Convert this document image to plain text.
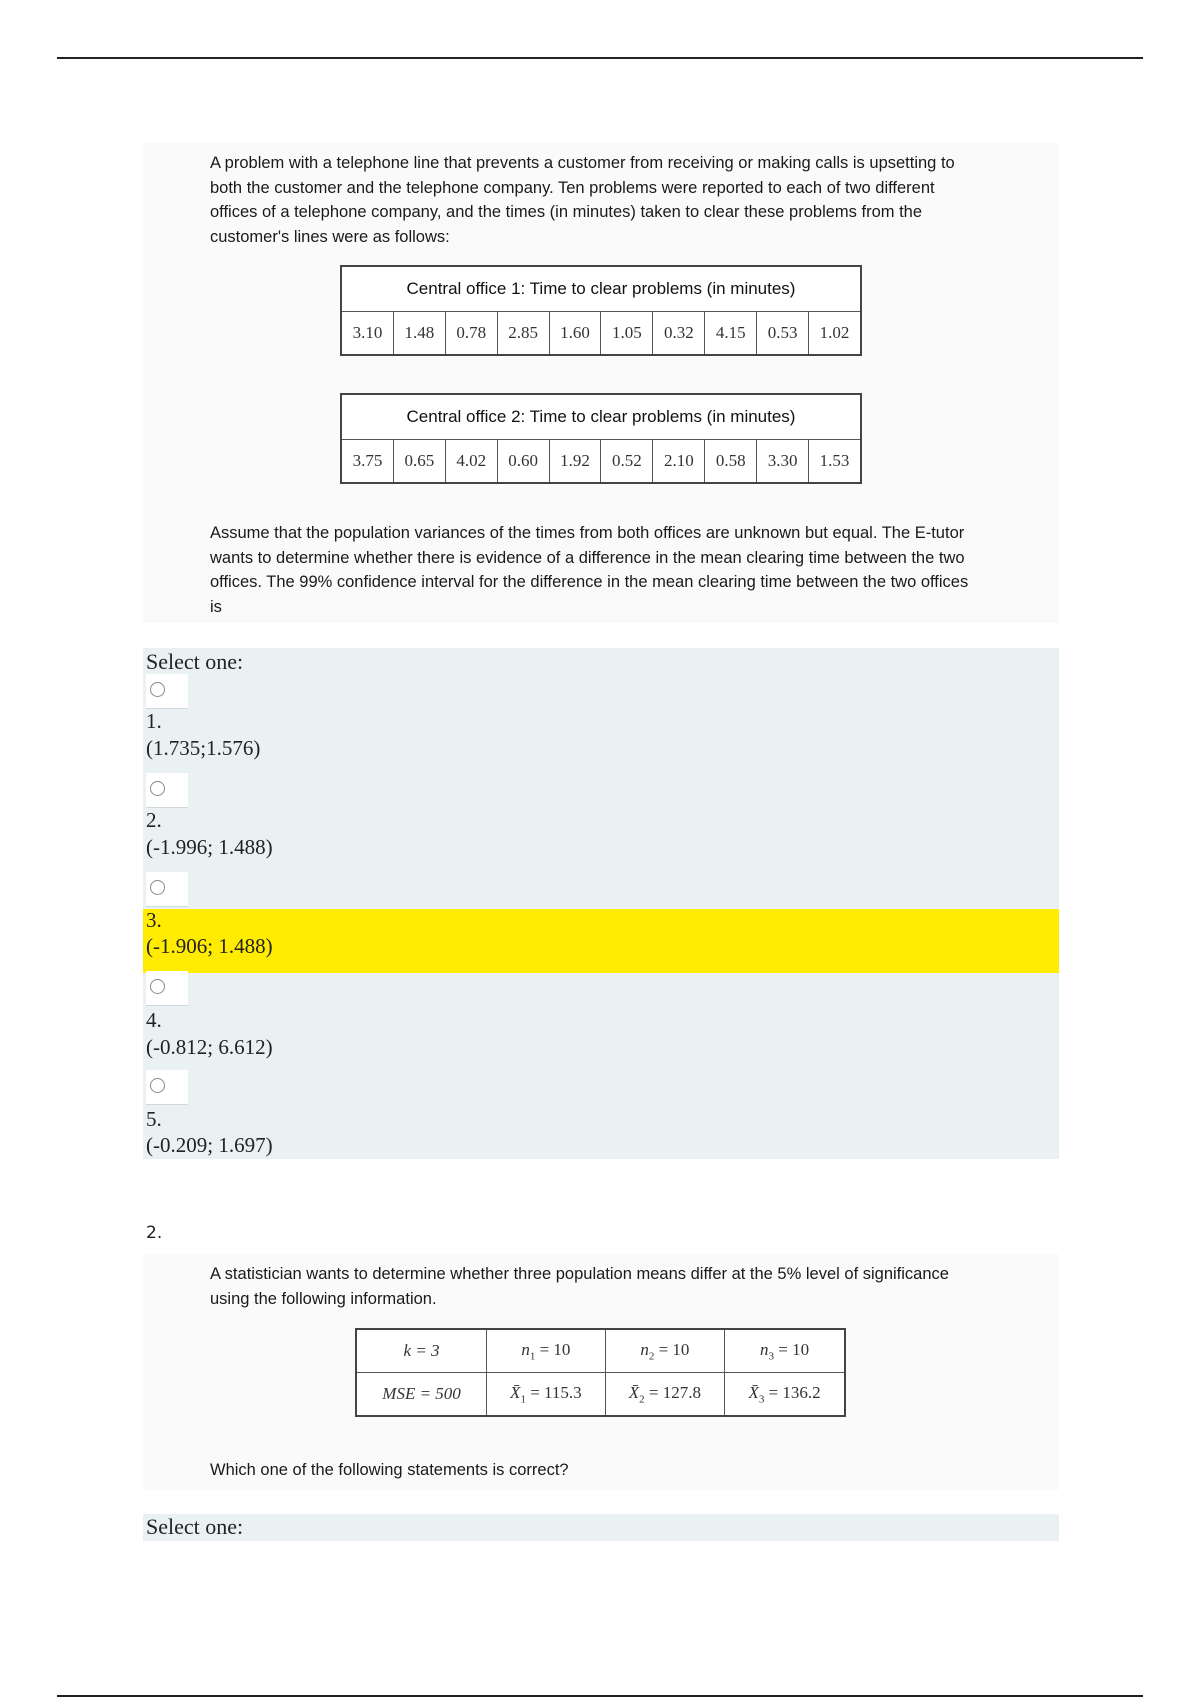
A problem with a telephone line that prevents a customer from receiving or making calls is upsetting to both the customer and the telephone company. Ten problems were reported to each of two different offices of a telephone company, and the times (in minutes) taken to clear these problems from the customer's lines were as follows:

Central office 1: Time to clear problems (in minutes)
3.10	1.48	0.78	2.85	1.60	1.05	0.32	4.15	0.53	1.02
Central office 2: Time to clear problems (in minutes)
3.75	0.65	4.02	0.60	1.92	0.52	2.10	0.58	3.30	1.53

Assume that the population variances of the times from both offices are unknown but equal. The E-tutor wants to determine whether there is evidence of a difference in the mean clearing time between the two offices. The 99% confidence interval for the difference in the mean clearing time between the two offices is

Select one:
1.
(1.735;1.576)
2.
(-1.996; 1.488)
3.
(-1.906; 1.488)
4.
(-0.812; 6.612)
5.
(-0.209; 1.697)
2.

A statistician wants to determine whether three population means differ at the 5% level of significance using the following information.

k = 3	$n_1 = 10$	$n_2 = 10$	$n_3 = 10$
MSE = 500	$X̄_1 = 115.3$	$X̄_2 = 127.8$	$X̄_3 = 136.2$

Which one of the following statements is correct?

Select one:
